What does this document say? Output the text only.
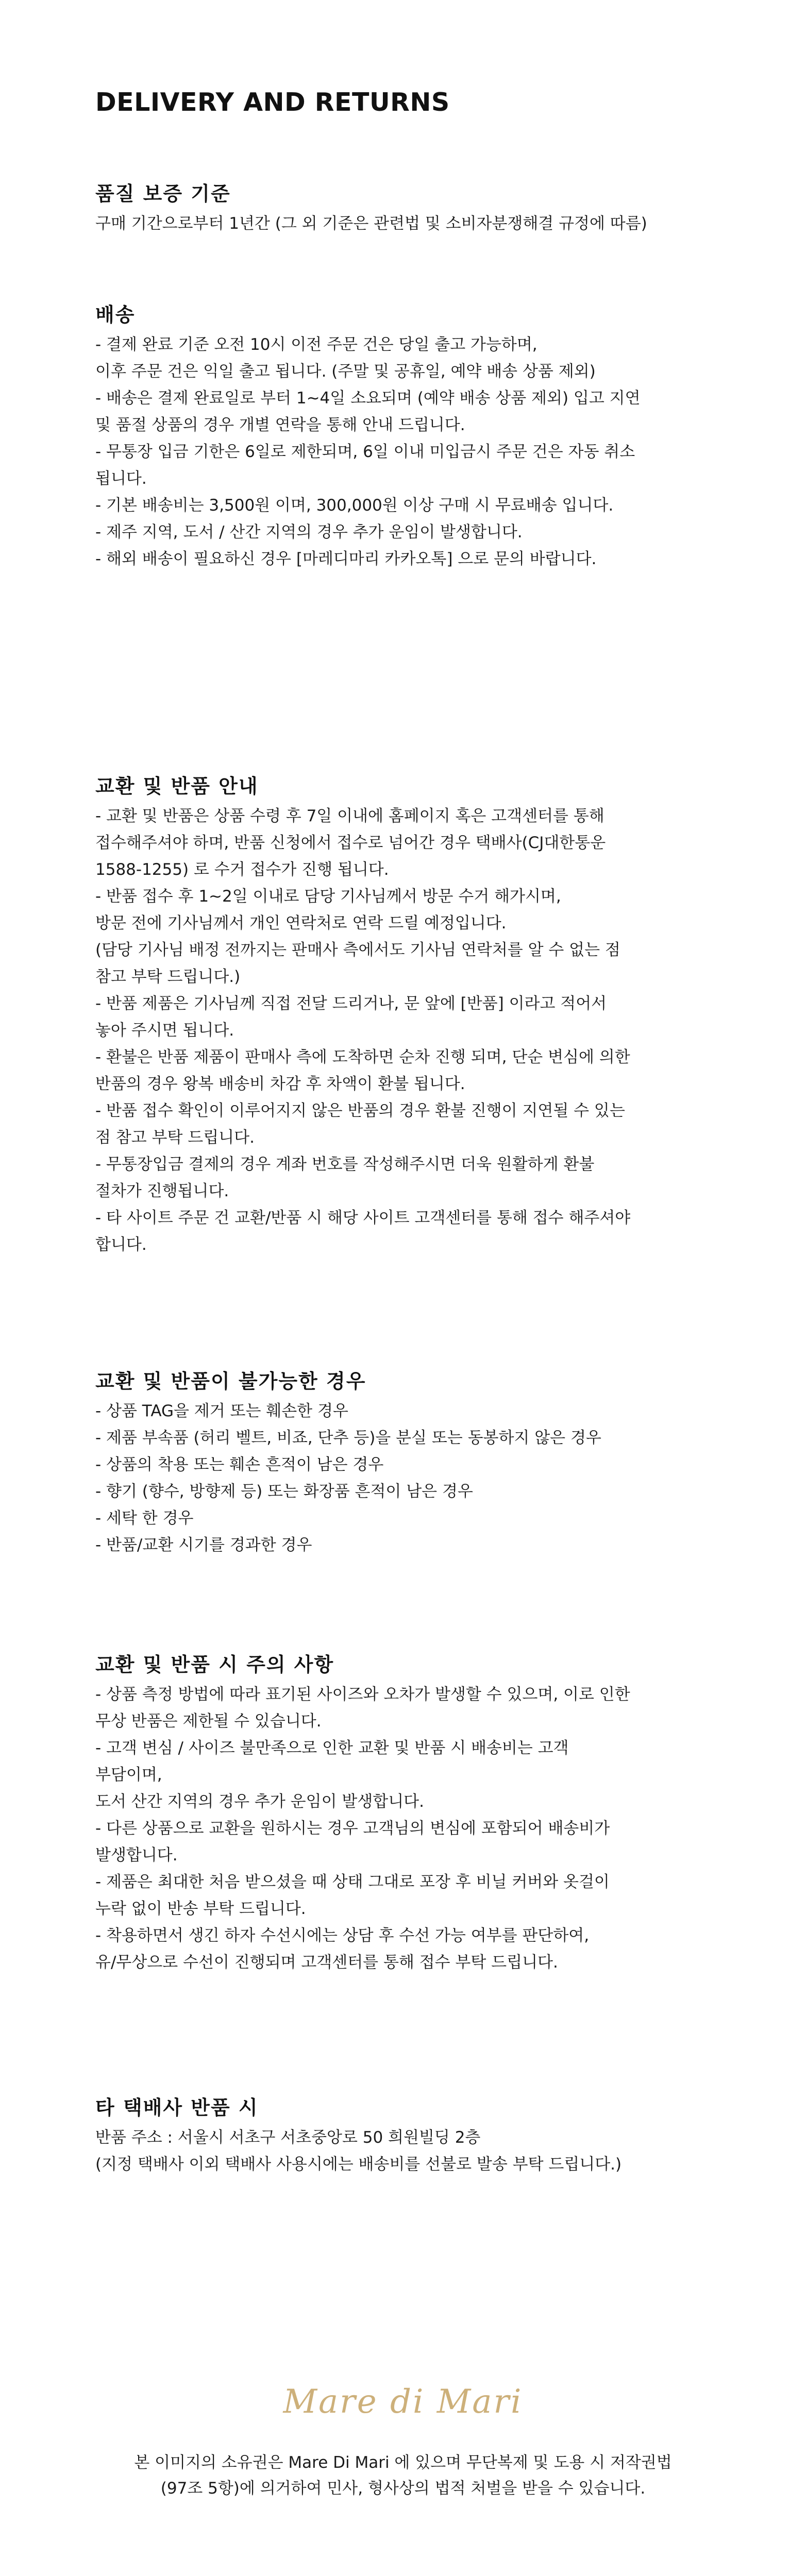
DELIVERY AND RETURNS
품질 보증 기준
구매 기간으로부터 1년간 (그 외 기준은 관련법 및 소비자분쟁해결 규정에 따름)
배송
- 결제 완료 기준 오전 10시 이전 주문 건은 당일 출고 가능하며,
이후 주문 건은 익일 출고 됩니다. (주말 및 공휴일, 예약 배송 상품 제외)
- 배송은 결제 완료일로 부터 1~4일 소요되며 (예약 배송 상품 제외) 입고 지연
및 품절 상품의 경우 개별 연락을 통해 안내 드립니다.
- 무통장 입금 기한은 6일로 제한되며, 6일 이내 미입금시 주문 건은 자동 취소
됩니다.
- 기본 배송비는 3,500원 이며, 300,000원 이상 구매 시 무료배송 입니다.
- 제주 지역, 도서 / 산간 지역의 경우 추가 운임이 발생합니다.
- 해외 배송이 필요하신 경우 [마레디마리 카카오톡] 으로 문의 바랍니다.
교환 및 반품 안내
- 교환 및 반품은 상품 수령 후 7일 이내에 홈페이지 혹은 고객센터를 통해
접수해주셔야 하며, 반품 신청에서 접수로 넘어간 경우 택배사(CJ대한통운
1588-1255) 로 수거 접수가 진행 됩니다.
- 반품 접수 후 1~2일 이내로 담당 기사님께서 방문 수거 해가시며,
방문 전에 기사님께서 개인 연락처로 연락 드릴 예정입니다.
(담당 기사님 배정 전까지는 판매사 측에서도 기사님 연락처를 알 수 없는 점
참고 부탁 드립니다.)
- 반품 제품은 기사님께 직접 전달 드리거나, 문 앞에 [반품] 이라고 적어서
놓아 주시면 됩니다.
- 환불은 반품 제품이 판매사 측에 도착하면 순차 진행 되며, 단순 변심에 의한
반품의 경우 왕복 배송비 차감 후 차액이 환불 됩니다.
- 반품 접수 확인이 이루어지지 않은 반품의 경우 환불 진행이 지연될 수 있는
점 참고 부탁 드립니다.
- 무통장입금 결제의 경우 계좌 번호를 작성해주시면 더욱 원활하게 환불
절차가 진행됩니다.
- 타 사이트 주문 건 교환/반품 시 해당 사이트 고객센터를 통해 접수 해주셔야
합니다.
교환 및 반품이 불가능한 경우
- 상품 TAG을 제거 또는 훼손한 경우
- 제품 부속품 (허리 벨트, 비죠, 단추 등)을 분실 또는 동봉하지 않은 경우
- 상품의 착용 또는 훼손 흔적이 남은 경우
- 향기 (향수, 방향제 등) 또는 화장품 흔적이 남은 경우
- 세탁 한 경우
- 반품/교환 시기를 경과한 경우
교환 및 반품 시 주의 사항
- 상품 측정 방법에 따라 표기된 사이즈와 오차가 발생할 수 있으며, 이로 인한
무상 반품은 제한될 수 있습니다.
- 고객 변심 / 사이즈 불만족으로 인한 교환 및 반품 시 배송비는 고객
부담이며,
도서 산간 지역의 경우 추가 운임이 발생합니다.
- 다른 상품으로 교환을 원하시는 경우 고객님의 변심에 포함되어 배송비가
발생합니다.
- 제품은 최대한 처음 받으셨을 때 상태 그대로 포장 후 비닐 커버와 옷걸이
누락 없이 반송 부탁 드립니다.
- 착용하면서 생긴 하자 수선시에는 상담 후 수선 가능 여부를 판단하여,
유/무상으로 수선이 진행되며 고객센터를 통해 접수 부탁 드립니다.
타 택배사 반품 시
반품 주소 : 서울시 서초구 서초중앙로 50 희원빌딩 2층
(지정 택배사 이외 택배사 사용시에는 배송비를 선불로 발송 부탁 드립니다.)
Mare di Mari
본 이미지의 소유권은 Mare Di Mari 에 있으며 무단복제 및 도용 시 저작권법
(97조 5항)에 의거하여 민사, 형사상의 법적 처벌을 받을 수 있습니다.
